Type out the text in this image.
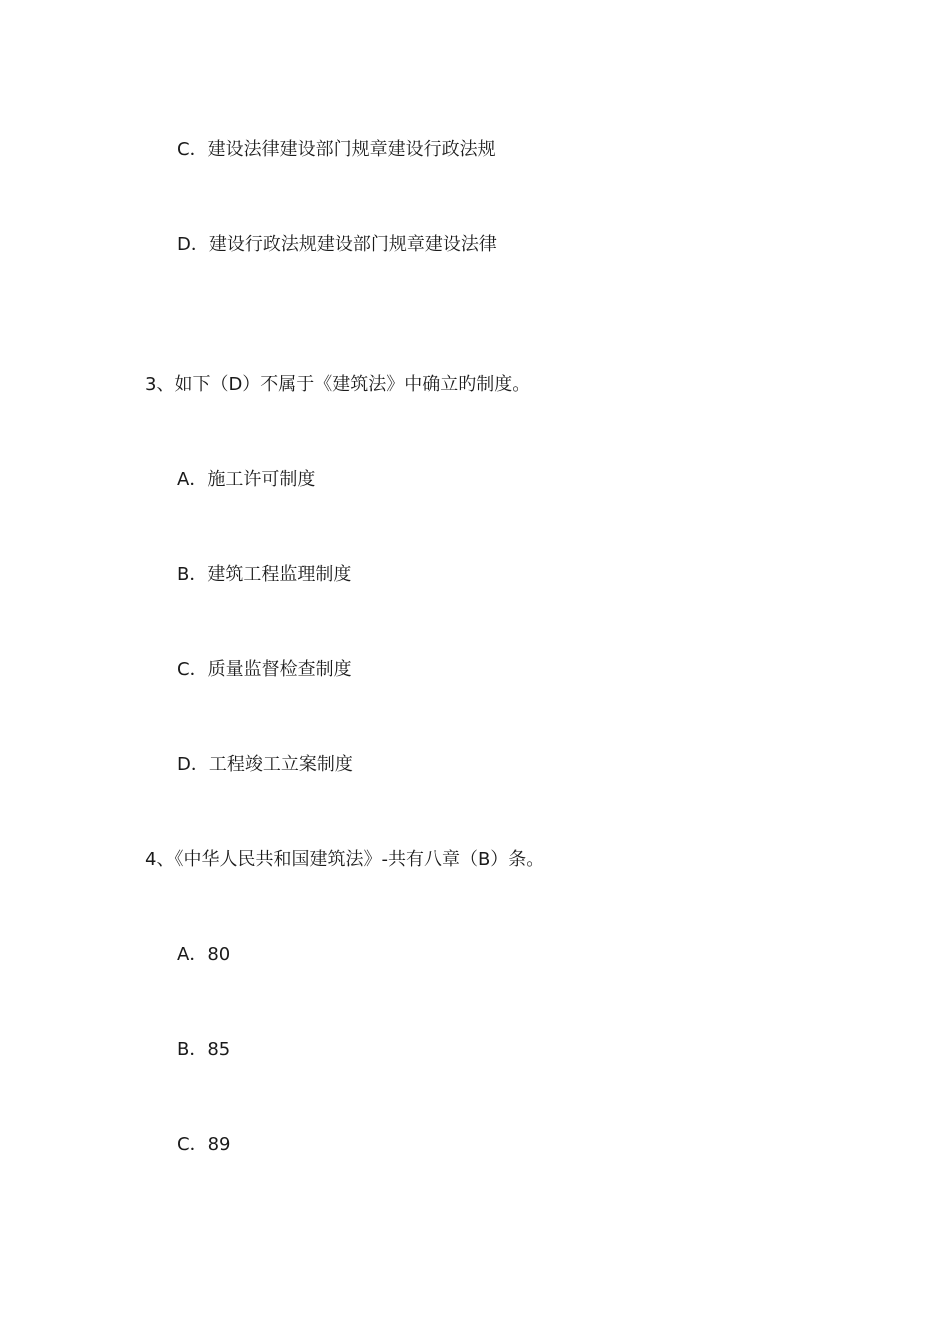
C．建设法律建设部门规章建设行政法规
D．建设行政法规建设部门规章建设法律
3、如下（D）不属于《建筑法》中确立旳制度。
A．施工许可制度
B．建筑工程监理制度
C．质量监督检查制度
D．工程竣工立案制度
4、《中华人民共和国建筑法》-共有八章（B）条。
A．80
B．85
C．89
